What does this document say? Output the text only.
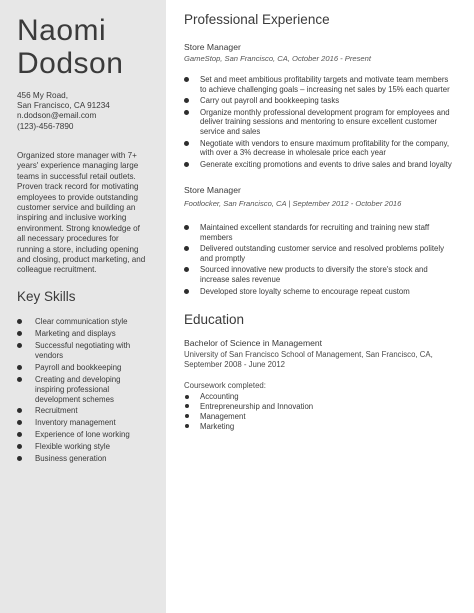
Naomi
Dodson
456 My Road,
San Francisco, CA 91234
n.dodson@email.com
(123)-456-7890
Organized store manager with 7+ years' experience managing large teams in successful retail outlets. Proven track record for motivating employees to provide outstanding customer service and building an inspiring and inclusive working environment. Strong knowledge of all necessary procedures for running a store, including opening and closing, product marketing, and colleague recruitment.
Key Skills
Clear communication style
Marketing and displays
Successful negotiating with vendors
Payroll and bookkeeping
Creating and developing inspiring professional development schemes
Recruitment
Inventory management
Experience of lone working
Flexible working style
Business generation
Professional Experience
Store Manager
GameStop, San Francisco, CA, October 2016 - Present
Set and meet ambitious profitability targets and motivate team members to achieve challenging goals – increasing net sales by 15% each quarter
Carry out payroll and bookkeeping tasks
Organize monthly professional development program for employees and deliver training sessions and mentoring to ensure excellent customer service and sales
Negotiate with vendors to ensure maximum profitability for the company, with over a 3% decrease in wholesale price each year
Generate exciting promotions and events to drive sales and brand loyalty
Store Manager
Footlocker, San Francisco, CA | September 2012 - October 2016
Maintained excellent standards for recruiting and training new staff members
Delivered outstanding customer service and resolved problems politely and promptly
Sourced innovative new products to diversify the store's stock and increase sales revenue
Developed store loyalty scheme to encourage repeat custom
Education
Bachelor of Science in Management
University of San Francisco School of Management, San Francisco, CA, September 2008 - June 2012
Coursework completed:
Accounting
Entrepreneurship and Innovation
Management
Marketing
